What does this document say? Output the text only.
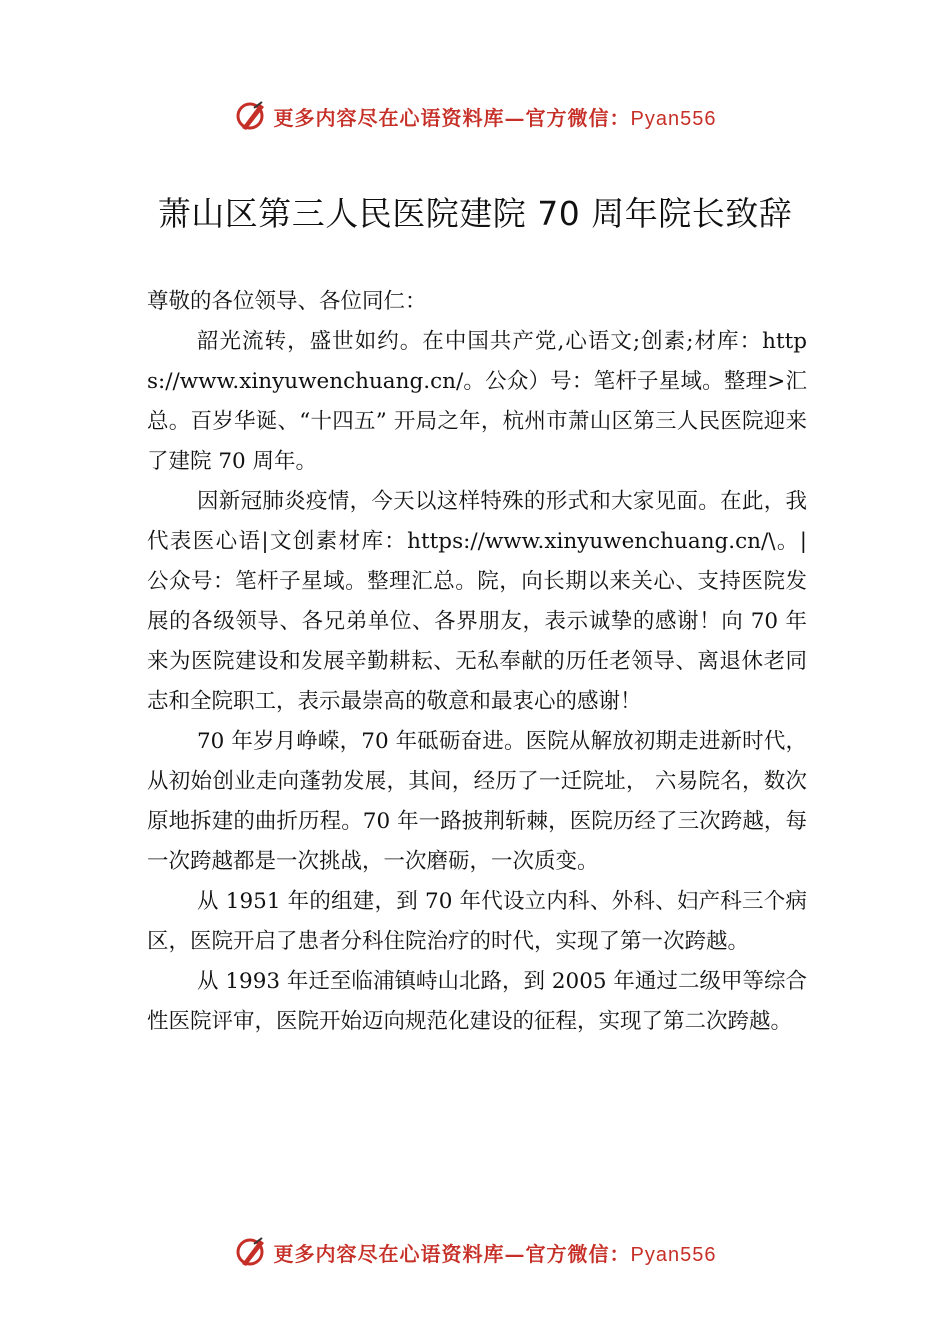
更多内容尽在心语资料库—官方微信：Pyan556
萧山区第三人民医院建院 70 周年院长致辞

尊敬的各位领导、各位同仁：

韶光流转，盛世如约。在中国共产党,心语文;创素;材库：https://www.xinyuwenchuang.cn/。公众）号：笔杆子星域。整理>汇总。百岁华诞、“十四五” 开局之年，杭州市萧山区第三人民医院迎来了建院 70 周年。

因新冠肺炎疫情，今天以这样特殊的形式和大家见面。在此，我代表医心语|文创素材库：https://www.xinyuwenchuang.cn/\。|公众号：笔杆子星域。整理汇总。院，向长期以来关心、支持医院发展的各级领导、各兄弟单位、各界朋友，表示诚挚的感谢！向 70 年来为医院建设和发展辛勤耕耘、无私奉献的历任老领导、离退休老同志和全院职工，表示最崇高的敬意和最衷心的感谢！

70 年岁月峥嵘，70 年砥砺奋进。医院从解放初期走进新时代，从初始创业走向蓬勃发展，其间，经历了一迁院址， 六易院名，数次原地拆建的曲折历程。70 年一路披荆斩棘，医院历经了三次跨越，每一次跨越都是一次挑战，一次磨砺，一次质变。

从 1951 年的组建，到 70 年代设立内科、外科、妇产科三个病区，医院开启了患者分科住院治疗的时代，实现了第一次跨越。

从 1993 年迁至临浦镇峙山北路，到 2005 年通过二级甲等综合性医院评审，医院开始迈向规范化建设的征程，实现了第二次跨越。

更多内容尽在心语资料库—官方微信：Pyan556
